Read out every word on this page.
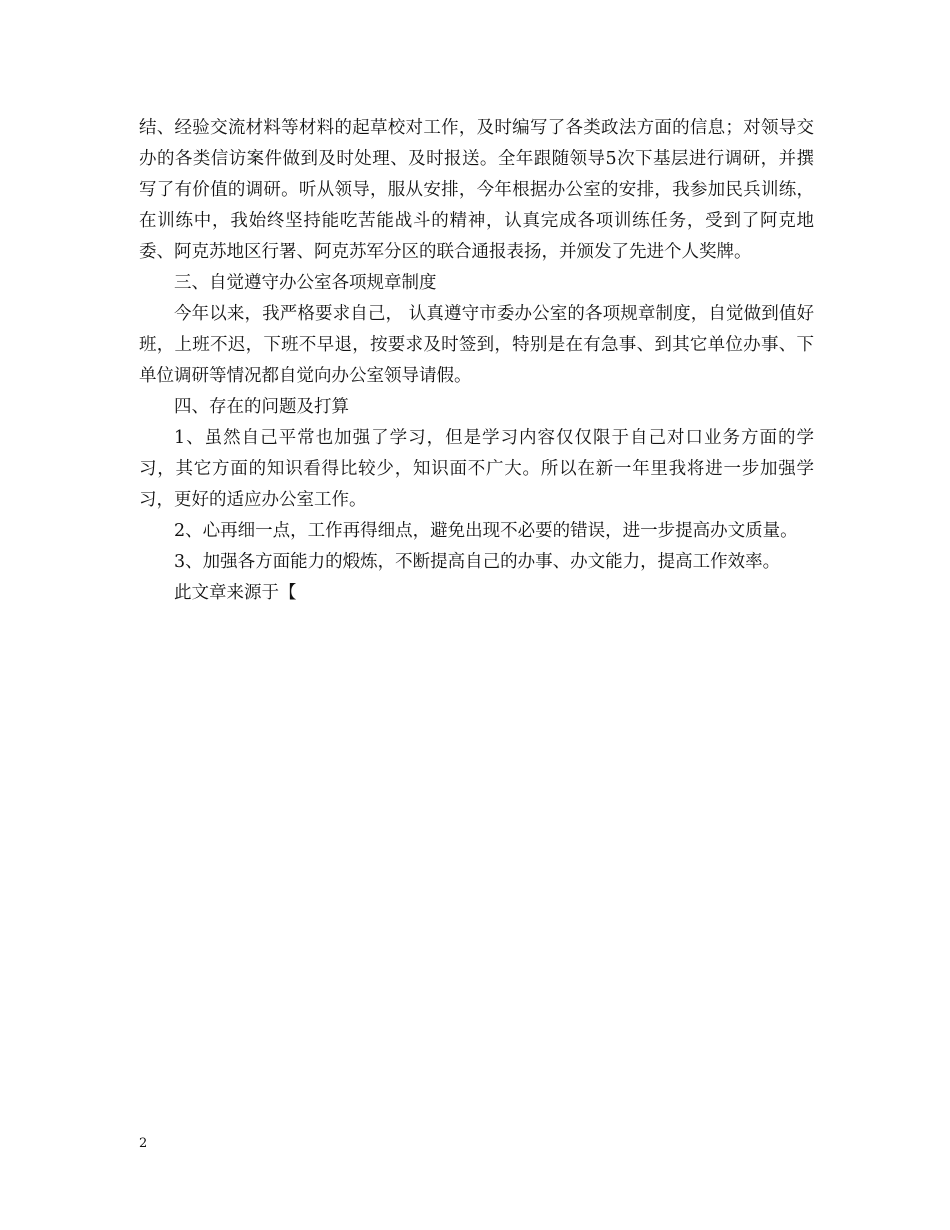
结、经验交流材料等材料的起草校对工作，及时编写了各类政法方面的信息；对领导交办的各类信访案件做到及时处理、及时报送。全年跟随领导5次下基层进行调研，并撰写了有价值的调研。听从领导，服从安排，今年根据办公室的安排，我参加民兵训练，在训练中，我始终坚持能吃苦能战斗的精神，认真完成各项训练任务，受到了阿克地委、阿克苏地区行署、阿克苏军分区的联合通报表扬，并颁发了先进个人奖牌。

三、自觉遵守办公室各项规章制度

今年以来，我严格要求自己， 认真遵守市委办公室的各项规章制度，自觉做到值好班，上班不迟，下班不早退，按要求及时签到，特别是在有急事、到其它单位办事、下单位调研等情况都自觉向办公室领导请假。

四、存在的问题及打算

1、虽然自己平常也加强了学习，但是学习内容仅仅限于自己对口业务方面的学习，其它方面的知识看得比较少，知识面不广大。所以在新一年里我将进一步加强学习，更好的适应办公室工作。

2、心再细一点，工作再得细点，避免出现不必要的错误，进一步提高办文质量。

3、加强各方面能力的煅炼，不断提高自己的办事、办文能力，提高工作效率。

此文章来源于【

2
